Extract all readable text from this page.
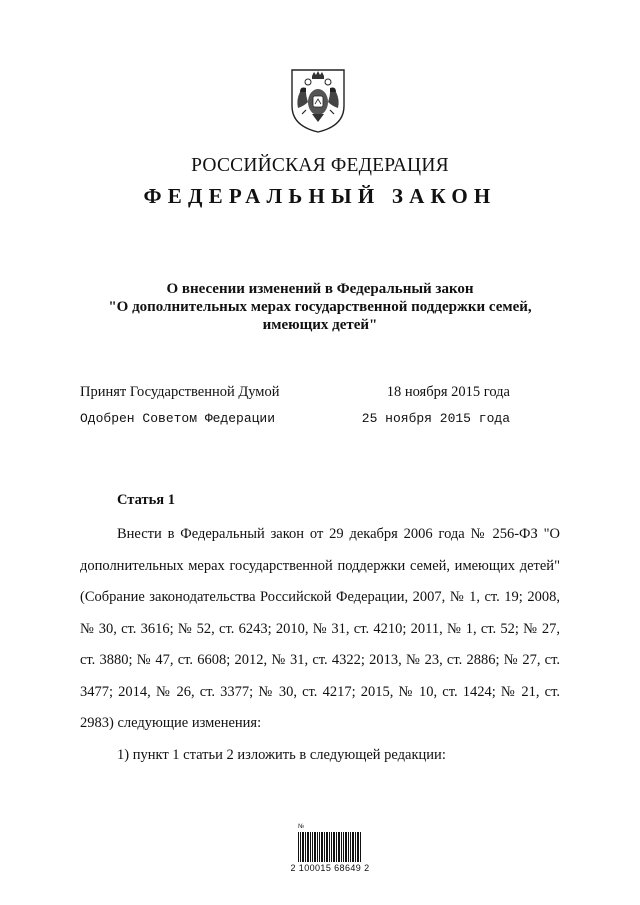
РОССИЙСКАЯ ФЕДЕРАЦИЯ
ФЕДЕРАЛЬНЫЙ ЗАКОН
О внесении изменений в Федеральный закон
"О дополнительных мерах государственной поддержки семей,
имеющих детей"
Принят Государственной Думой	18 ноября 2015 года
Одобрен Советом Федерации	25 ноября 2015 года
Статья 1

Внести в Федеральный закон от 29 декабря 2006 года № 256-ФЗ "О дополнительных мерах государственной поддержки семей, имеющих детей" (Собрание законодательства Российской Федерации, 2007, № 1, ст. 19; 2008, № 30, ст. 3616; № 52, ст. 6243; 2010, № 31, ст. 4210; 2011, № 1, ст. 52; № 27, ст. 3880; № 47, ст. 6608; 2012, № 31, ст. 4322; 2013, № 23, ст. 2886; № 27, ст. 3477; 2014, № 26, ст. 3377; № 30, ст. 4217; 2015, № 10, ст. 1424; № 21, ст. 2983) следующие изменения:

1) пункт 1 статьи 2 изложить в следующей редакции:

№
2 100015 68649 2
